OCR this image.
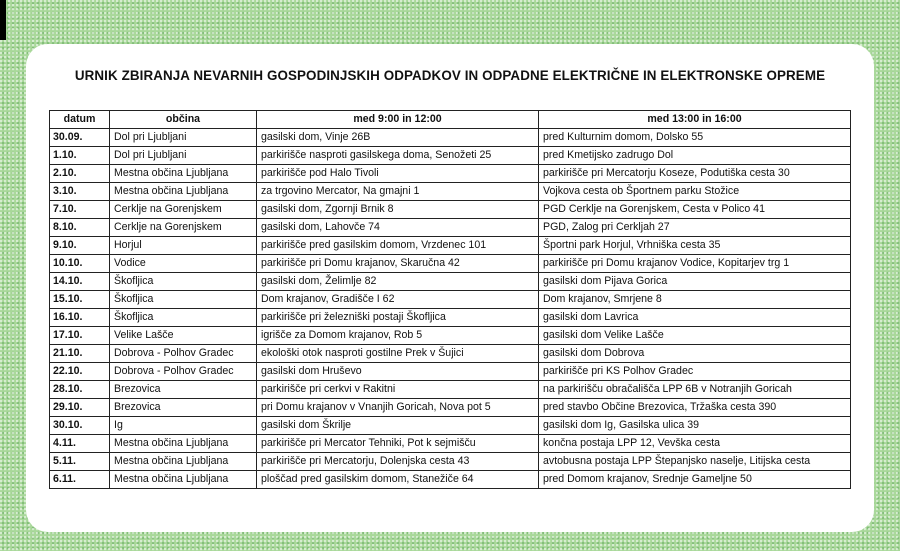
URNIK ZBIRANJA NEVARNIH GOSPODINJSKIH ODPADKOV IN ODPADNE ELEKTRIČNE IN ELEKTRONSKE OPREME
datum	občina	med 9:00 in 12:00	med 13:00 in 16:00
30.09.	Dol pri Ljubljani	gasilski dom, Vinje 26B	pred Kulturnim domom, Dolsko 55
1.10.	Dol pri Ljubljani	parkirišče nasproti gasilskega doma, Senožeti 25	pred Kmetijsko zadrugo Dol
2.10.	Mestna občina Ljubljana	parkirišče pod Halo Tivoli	parkirišče pri Mercatorju Koseze, Podutiška cesta 30
3.10.	Mestna občina Ljubljana	za trgovino Mercator, Na gmajni 1	Vojkova cesta ob Športnem parku Stožice
7.10.	Cerklje na Gorenjskem	gasilski dom, Zgornji Brnik 8	PGD Cerklje na Gorenjskem, Cesta v Polico 41
8.10.	Cerklje na Gorenjskem	gasilski dom, Lahovče 74	PGD, Zalog pri Cerkljah 27
9.10.	Horjul	parkirišče pred gasilskim domom, Vrzdenec 101	Športni park Horjul, Vrhniška cesta 35
10.10.	Vodice	parkirišče pri Domu krajanov, Skaručna 42	parkirišče pri Domu krajanov Vodice, Kopitarjev trg 1
14.10.	Škofljica	gasilski dom, Želimlje 82	gasilski dom Pijava Gorica
15.10.	Škofljica	Dom krajanov, Gradišče I 62	Dom krajanov, Smrjene 8
16.10.	Škofljica	parkirišče pri železniški postaji Škofljica	gasilski dom Lavrica
17.10.	Velike Lašče	igrišče za Domom krajanov, Rob 5	gasilski dom Velike Lašče
21.10.	Dobrova - Polhov Gradec	ekološki otok nasproti gostilne Prek v Šujici	gasilski dom Dobrova
22.10.	Dobrova - Polhov Gradec	gasilski dom Hruševo	parkirišče pri KS Polhov Gradec
28.10.	Brezovica	parkirišče pri cerkvi v Rakitni	na parkirišču obračališča LPP 6B v Notranjih Goricah
29.10.	Brezovica	pri Domu krajanov v Vnanjih Goricah, Nova pot 5	pred stavbo Občine Brezovica, Tržaška cesta 390
30.10.	Ig	gasilski dom Škrilje	gasilski dom Ig, Gasilska ulica 39
4.11.	Mestna občina Ljubljana	parkirišče pri Mercator Tehniki, Pot k sejmišču	končna postaja LPP 12, Vevška cesta
5.11.	Mestna občina Ljubljana	parkirišče pri Mercatorju, Dolenjska cesta 43	avtobusna postaja LPP Štepanjsko naselje, Litijska cesta
6.11.	Mestna občina Ljubljana	ploščad pred gasilskim domom, Stanežiče 64	pred Domom krajanov, Srednje Gameljne 50
